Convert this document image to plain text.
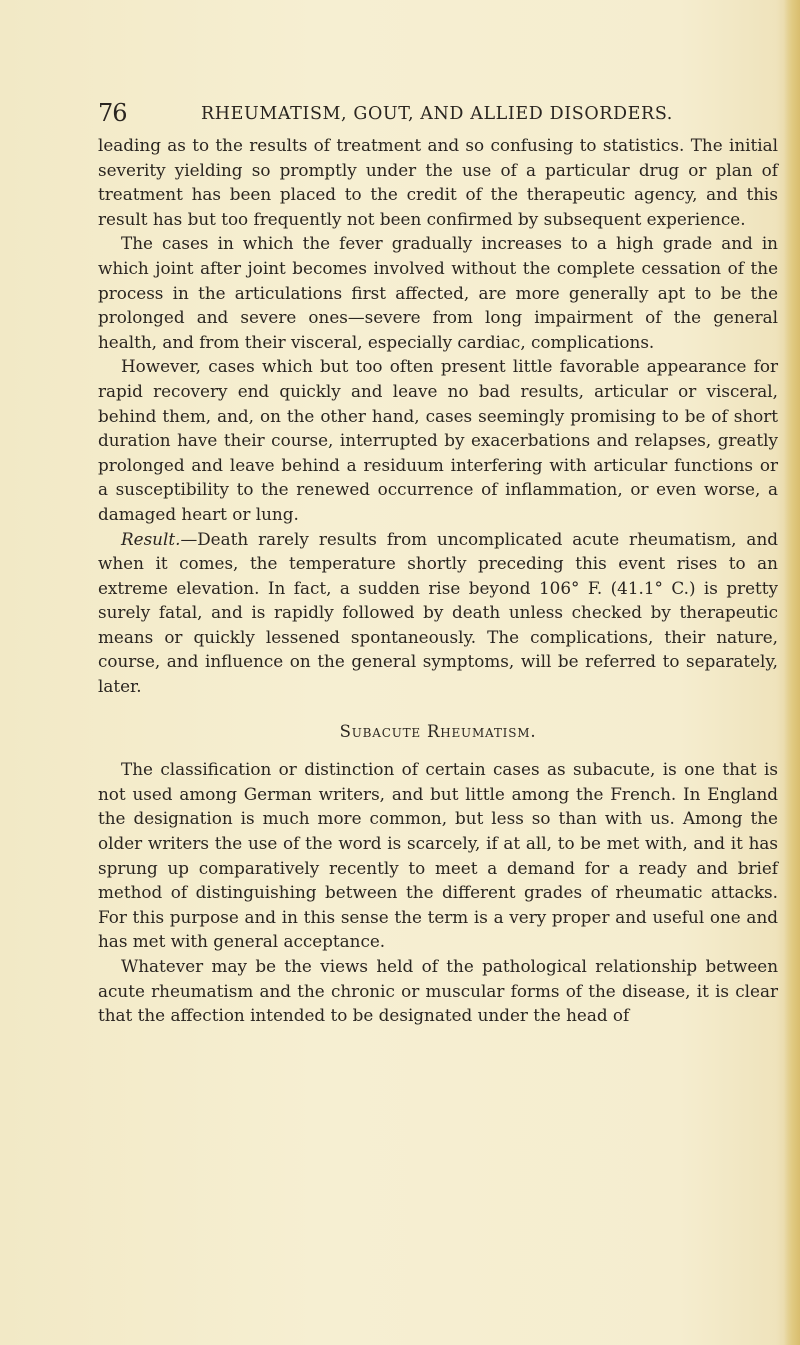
76	RHEUMATISM, GOUT, AND ALLIED DISORDERS.

leading as to the results of treatment and so confusing to statistics. The initial severity yielding so promptly under the use of a particular drug or plan of treatment has been placed to the credit of the therapeutic agency, and this result has but too frequently not been confirmed by subsequent experience.

The cases in which the fever gradually increases to a high grade and in which joint after joint becomes involved without the complete cessation of the process in the articulations first affected, are more generally apt to be the prolonged and severe ones—severe from long impairment of the general health, and from their visceral, especially cardiac, complications.

However, cases which but too often present little favorable appearance for rapid recovery end quickly and leave no bad results, articular or visceral, behind them, and, on the other hand, cases seemingly promising to be of short duration have their course, interrupted by exacerbations and relapses, greatly prolonged and leave behind a residuum interfering with articular functions or a susceptibility to the renewed occurrence of inflammation, or even worse, a damaged heart or lung.

Result.—Death rarely results from uncomplicated acute rheumatism, and when it comes, the temperature shortly preceding this event rises to an extreme elevation. In fact, a sudden rise beyond 106° F. (41.1° C.) is pretty surely fatal, and is rapidly followed by death unless checked by therapeutic means or quickly lessened spontaneously. The complications, their nature, course, and influence on the general symptoms, will be referred to separately, later.

Subacute Rheumatism.

The classification or distinction of certain cases as subacute, is one that is not used among German writers, and but little among the French. In England the designation is much more common, but less so than with us. Among the older writers the use of the word is scarcely, if at all, to be met with, and it has sprung up comparatively recently to meet a demand for a ready and brief method of distinguishing between the different grades of rheumatic attacks. For this purpose and in this sense the term is a very proper and useful one and has met with general acceptance.

Whatever may be the views held of the pathological relationship between acute rheumatism and the chronic or muscular forms of the disease, it is clear that the affection intended to be designated under the head of
